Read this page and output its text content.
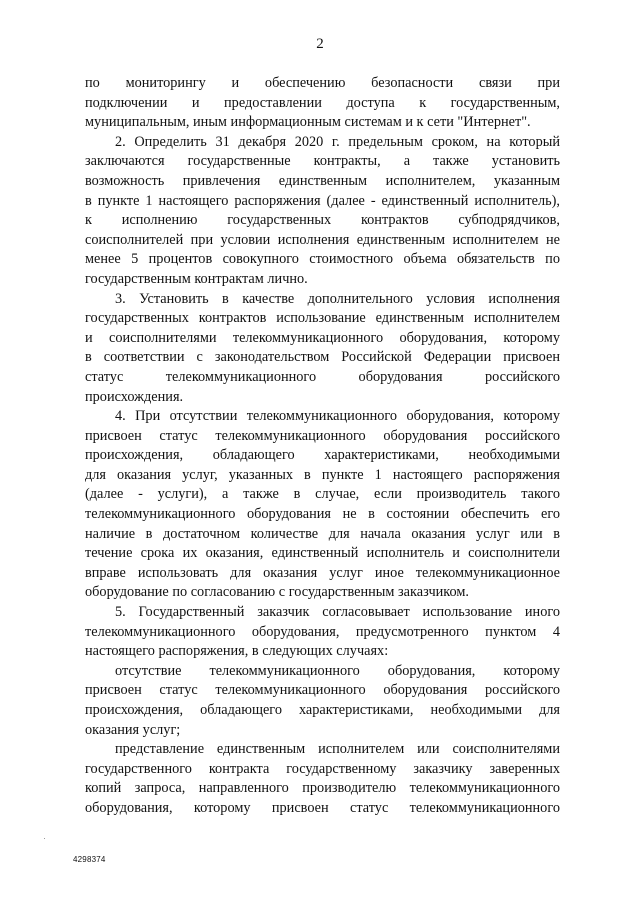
2
по мониторингу и обеспечению безопасности связи при
подключении и предоставлении доступа к государственным,
муниципальным, иным информационным системам и к сети "Интернет".
2. Определить 31 декабря 2020 г. предельным сроком, на который
заключаются государственные контракты, а также установить
возможность привлечения единственным исполнителем, указанным
в пункте 1 настоящего распоряжения (далее - единственный исполнитель),
к исполнению государственных контрактов субподрядчиков,
соисполнителей при условии исполнения единственным исполнителем не
менее 5 процентов совокупного стоимостного объема обязательств по
государственным контрактам лично.
3. Установить в качестве дополнительного условия исполнения
государственных контрактов использование единственным исполнителем
и соисполнителями телекоммуникационного оборудования, которому
в соответствии с законодательством Российской Федерации присвоен
статус телекоммуникационного оборудования российского
происхождения.
4. При отсутствии телекоммуникационного оборудования, которому
присвоен статус телекоммуникационного оборудования российского
происхождения, обладающего характеристиками, необходимыми
для оказания услуг, указанных в пункте 1 настоящего распоряжения
(далее - услуги), а также в случае, если производитель такого
телекоммуникационного оборудования не в состоянии обеспечить его
наличие в достаточном количестве для начала оказания услуг или в
течение срока их оказания, единственный исполнитель и соисполнители
вправе использовать для оказания услуг иное телекоммуникационное
оборудование по согласованию с государственным заказчиком.
5. Государственный заказчик согласовывает использование иного
телекоммуникационного оборудования, предусмотренного пунктом 4
настоящего распоряжения, в следующих случаях:
отсутствие телекоммуникационного оборудования, которому
присвоен статус телекоммуникационного оборудования российского
происхождения, обладающего характеристиками, необходимыми для
оказания услуг;
представление единственным исполнителем или соисполнителями
государственного контракта государственному заказчику заверенных
копий запроса, направленного производителю телекоммуникационного
оборудования, которому присвоен статус телекоммуникационного
4298374
